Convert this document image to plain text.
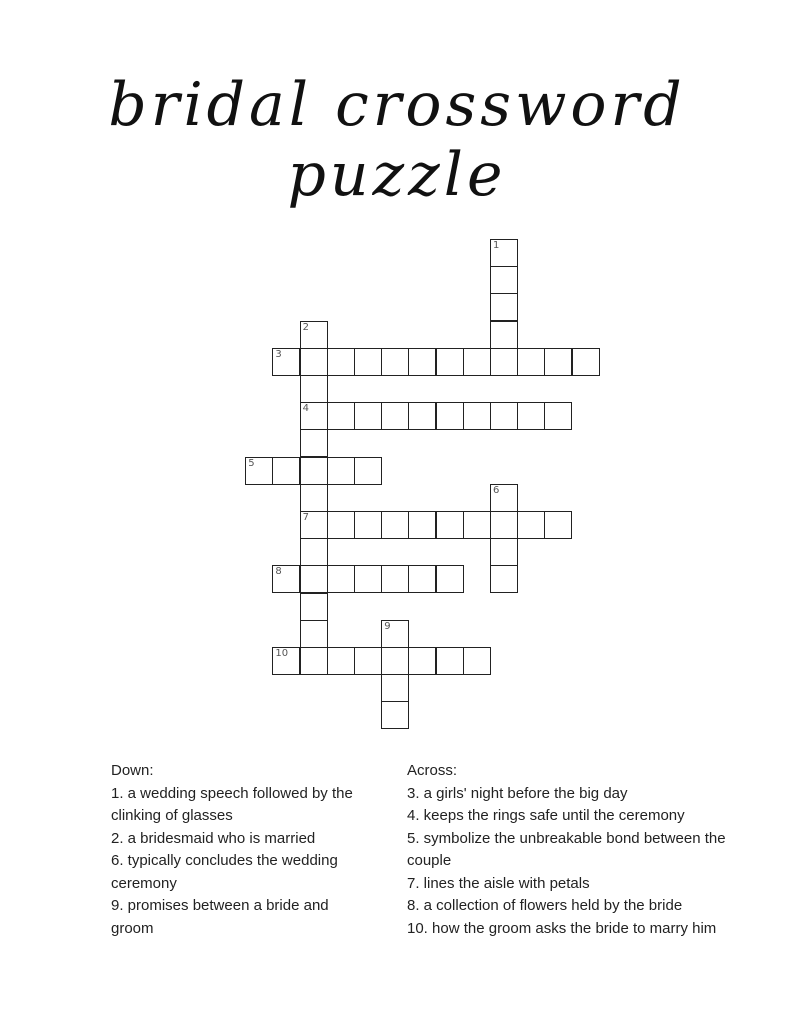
bridal crossword puzzle
1
2
4
7
3
5
6
8
9
10

Down:

1. a wedding speech followed by the clinking of glasses

2. a bridesmaid who is married

6. typically concludes the wedding ceremony

9. promises between a bride and groom

Across:

3. a girls' night before the big day

4. keeps the rings safe until the ceremony

5. symbolize the unbreakable bond between the couple

7. lines the aisle with petals

8. a collection of flowers held by the bride

10. how the groom asks the bride to marry him
